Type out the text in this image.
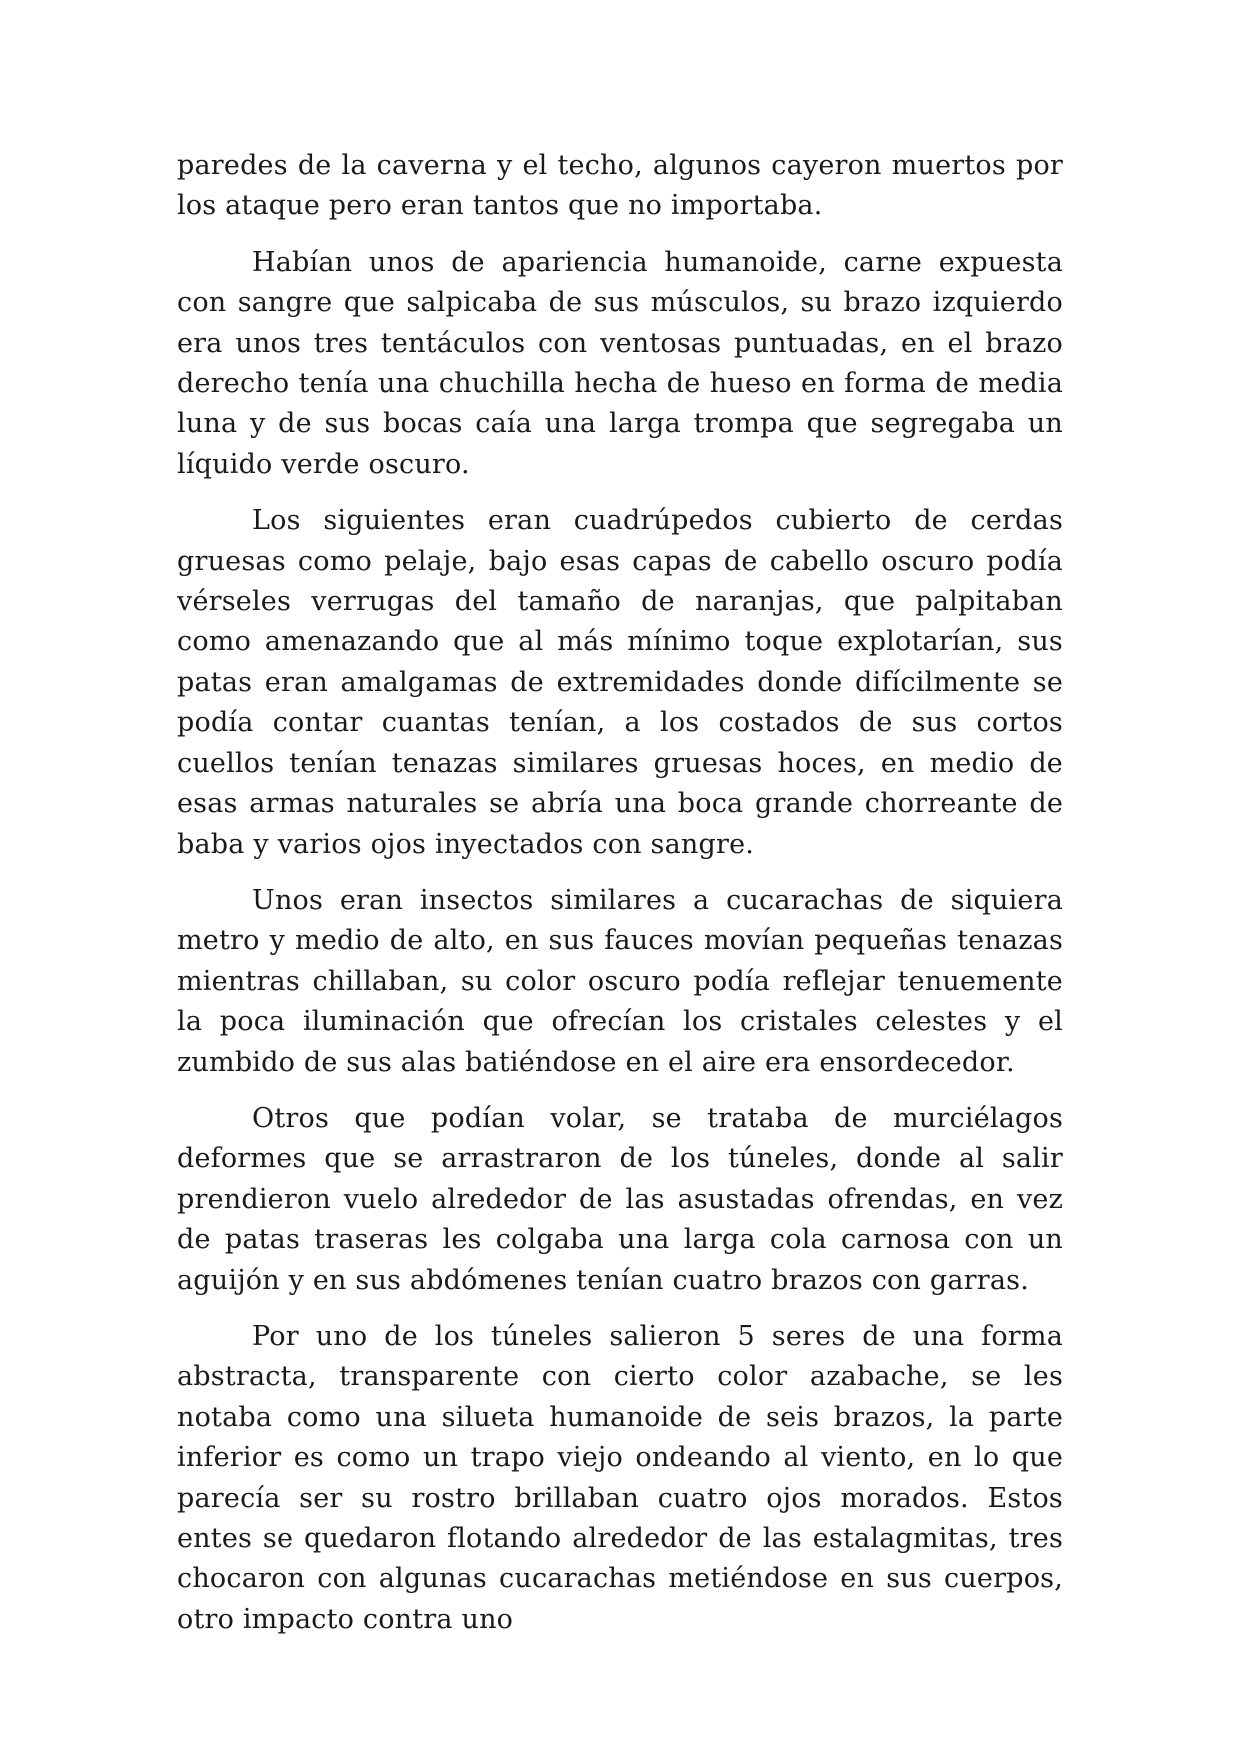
paredes de la caverna y el techo, algunos cayeron muertos por los ataque pero eran tantos que no importaba.

Habían unos de apariencia humanoide, carne expuesta con sangre que salpicaba de sus músculos, su brazo izquierdo era unos tres tentáculos con ventosas puntuadas, en el brazo derecho tenía una chuchilla hecha de hueso en forma de media luna y de sus bocas caía una larga trompa que segregaba un líquido verde oscuro.

Los siguientes eran cuadrúpedos cubierto de cerdas gruesas como pelaje, bajo esas capas de cabello oscuro podía vérseles verrugas del tamaño de naranjas, que palpitaban como amenazando que al más mínimo toque explotarían, sus patas eran amalgamas de extremidades donde difícilmente se podía contar cuantas tenían, a los costados de sus cortos cuellos tenían tenazas similares gruesas hoces, en medio de esas armas naturales se abría una boca grande chorreante de baba y varios ojos inyectados con sangre.

Unos eran insectos similares a cucarachas de siquiera metro y medio de alto, en sus fauces movían pequeñas tenazas mientras chillaban, su color oscuro podía reflejar tenuemente la poca iluminación que ofrecían los cristales celestes y el zumbido de sus alas batiéndose en el aire era ensordecedor.

Otros que podían volar, se trataba de murciélagos deformes que se arrastraron de los túneles, donde al salir prendieron vuelo alrededor de las asustadas ofrendas, en vez de patas traseras les colgaba una larga cola carnosa con un aguijón y en sus abdómenes tenían cuatro brazos con garras.

Por uno de los túneles salieron 5 seres de una forma abstracta, transparente con cierto color azabache, se les notaba como una silueta humanoide de seis brazos, la parte inferior es como un trapo viejo ondeando al viento, en lo que parecía ser su rostro brillaban cuatro ojos morados. Estos entes se quedaron flotando alrededor de las estalagmitas, tres chocaron con algunas cucarachas metiéndose en sus cuerpos, otro impacto contra uno
